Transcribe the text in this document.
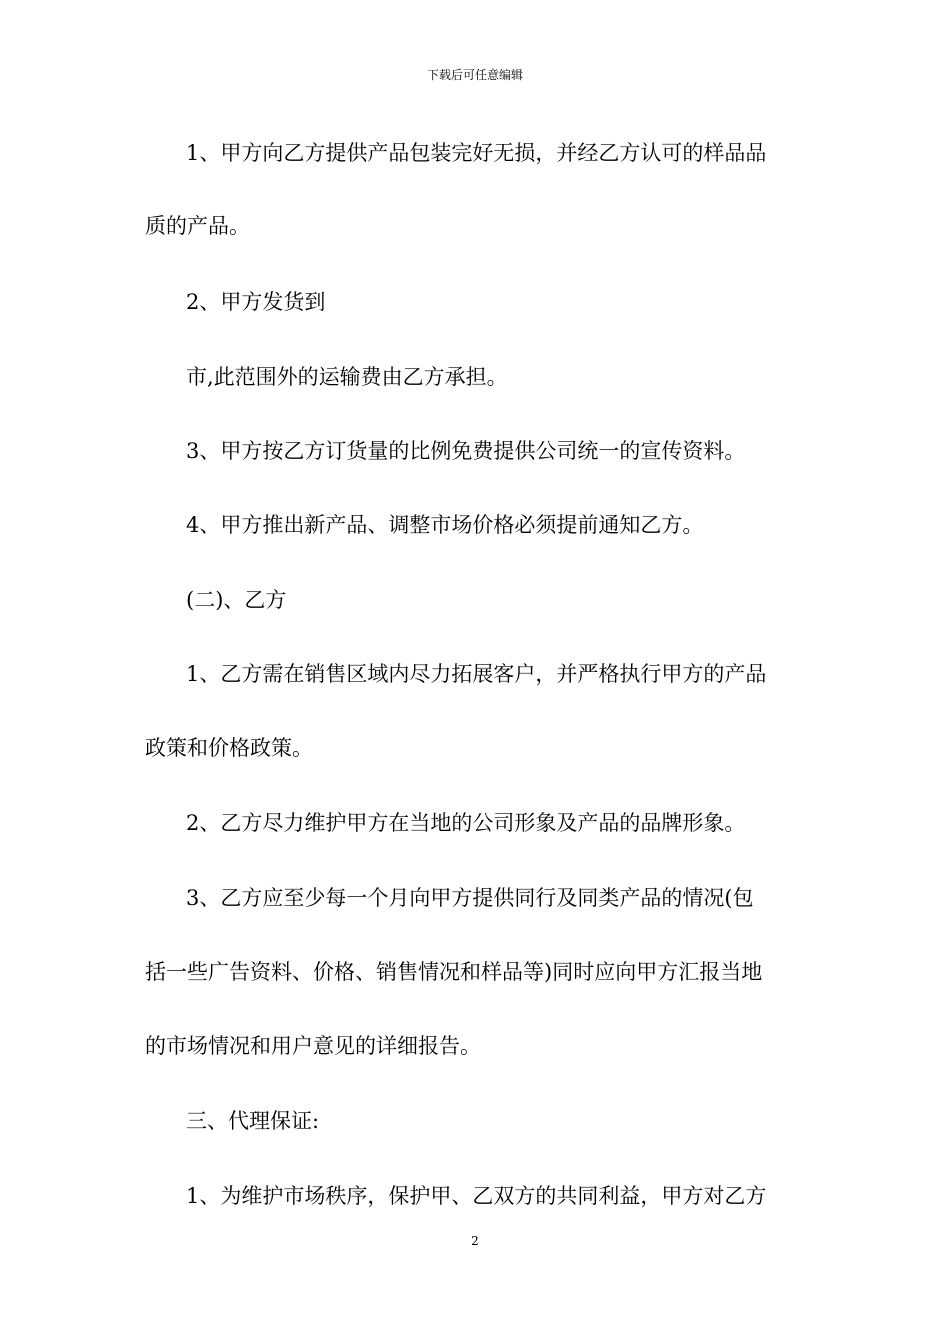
下载后可任意编辑
1、甲方向乙方提供产品包装完好无损，并经乙方认可的样品品
质的产品。
2、甲方发货到
市,此范围外的运输费由乙方承担。
3、甲方按乙方订货量的比例免费提供公司统一的宣传资料。
4、甲方推出新产品、调整市场价格必须提前通知乙方。
(二)、乙方
1、乙方需在销售区域内尽力拓展客户，并严格执行甲方的产品
政策和价格政策。
2、乙方尽力维护甲方在当地的公司形象及产品的品牌形象。
3、乙方应至少每一个月向甲方提供同行及同类产品的情况(包
括一些广告资料、价格、销售情况和样品等)同时应向甲方汇报当地
的市场情况和用户意见的详细报告。
三、代理保证:
1、为维护市场秩序，保护甲、乙双方的共同利益，甲方对乙方
2
